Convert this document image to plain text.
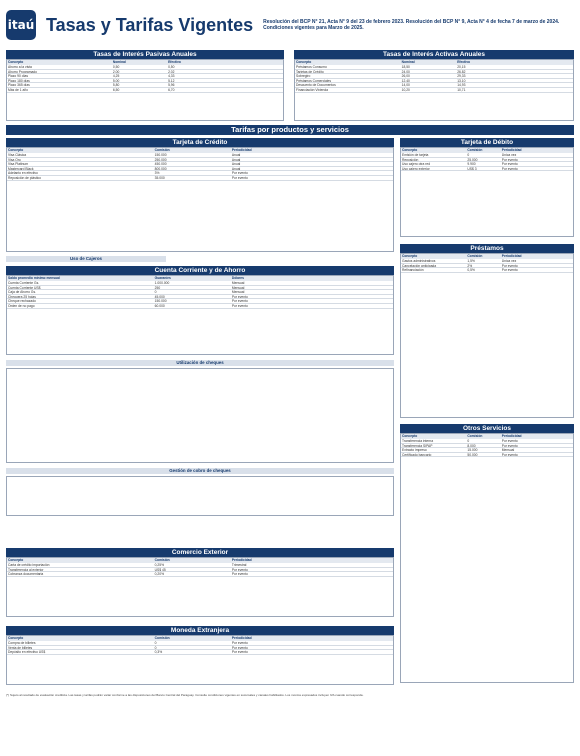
itaú Tasas y Tarifas Vigentes Resolución del BCP N° 21, Acta N° 9 del 23 de febrero 2023. Resolución del BCP N° 9, Acta N° 4 de fecha 7 de marzo de 2024.
Condiciones vigentes para Marzo de 2025.
Tasas de Interés Pasivas Anuales
Concepto	Nominal	Efectivo
Ahorro a la vista	0,50	0,50
Ahorro Programado	2,00	2,02
Plazo 90 días	4,25	4,33
Plazo 180 días	5,00	5,12
Plazo 365 días	5,80	5,96
Más de 1 año	6,50	6,70
Tasas de Interés Activas Anuales
Concepto	Nominal	Efectivo
Préstamos Consumo	18,50	20,15
Tarjetas de Crédito	24,00	26,82
Sobregiro	26,00	29,33
Préstamos Comerciales	12,40	13,10
Descuento de Documentos	14,00	14,93
Financiación Vivienda	10,20	10,71
Tarifas por productos y servicios
Tarjeta de Crédito
Concepto	Comisión	Periodicidad
Visa Clásica	150.000	Anual
Visa Oro	250.000	Anual
Visa Platinum	450.000	Anual
Mastercard Black	800.000	Anual
Adelanto en efectivo	3%	Por evento
Reposición de plástico	35.000	Por evento
Tarjeta de Débito
Concepto	Comisión	Periodicidad
Emisión de tarjeta	0	Única vez
Reposición	25.000	Por evento
Uso cajero otra red	9.900	Por evento
Uso cajero exterior	US$ 3	Por evento
Uso de Cajeros
Cuenta Corriente y de Ahorro
Saldo promedio mínimo mensual	Guaraníes	Dólares
Cuenta Corriente Gs.	1.000.000	Mensual
Cuenta Corriente US$	250	Mensual
Caja de Ahorro Gs.	0	Mensual
Chequera 25 hojas	45.000	Por evento
Cheque rechazado	150.000	Por evento
Orden de no pago	60.000	Por evento
Utilización de cheques
Gestión de cobro de cheques
Préstamos
Concepto	Comisión	Periodicidad
Gastos administrativos	1,5%	Única vez
Cancelación anticipada	2%	Por evento
Refinanciación	0,5%	Por evento
Otros Servicios
Concepto	Comisión	Periodicidad
Transferencia interna	0	Por evento
Transferencia SIPAP	8.000	Por evento
Extracto impreso	15.000	Mensual
Certificado bancario	50.000	Por evento
Comercio Exterior
Concepto	Comisión	Periodicidad
Carta de crédito importación	0,25%	Trimestral
Transferencia al exterior	US$ 45	Por evento
Cobranza documentaria	0,20%	Por evento
Moneda Extranjera
Concepto	Comisión	Periodicidad
Compra de billetes	0	Por evento
Venta de billetes	0	Por evento
Depósito en efectivo US$	0,3%	Por evento
(*) Sujeto al resultado de evaluación crediticia. Las tasas y tarifas podrán variar conforme a las disposiciones del Banco Central del Paraguay. Consulte condiciones vigentes en sucursales y canales habilitados. Los montos expresados incluyen IVA cuando corresponda.
